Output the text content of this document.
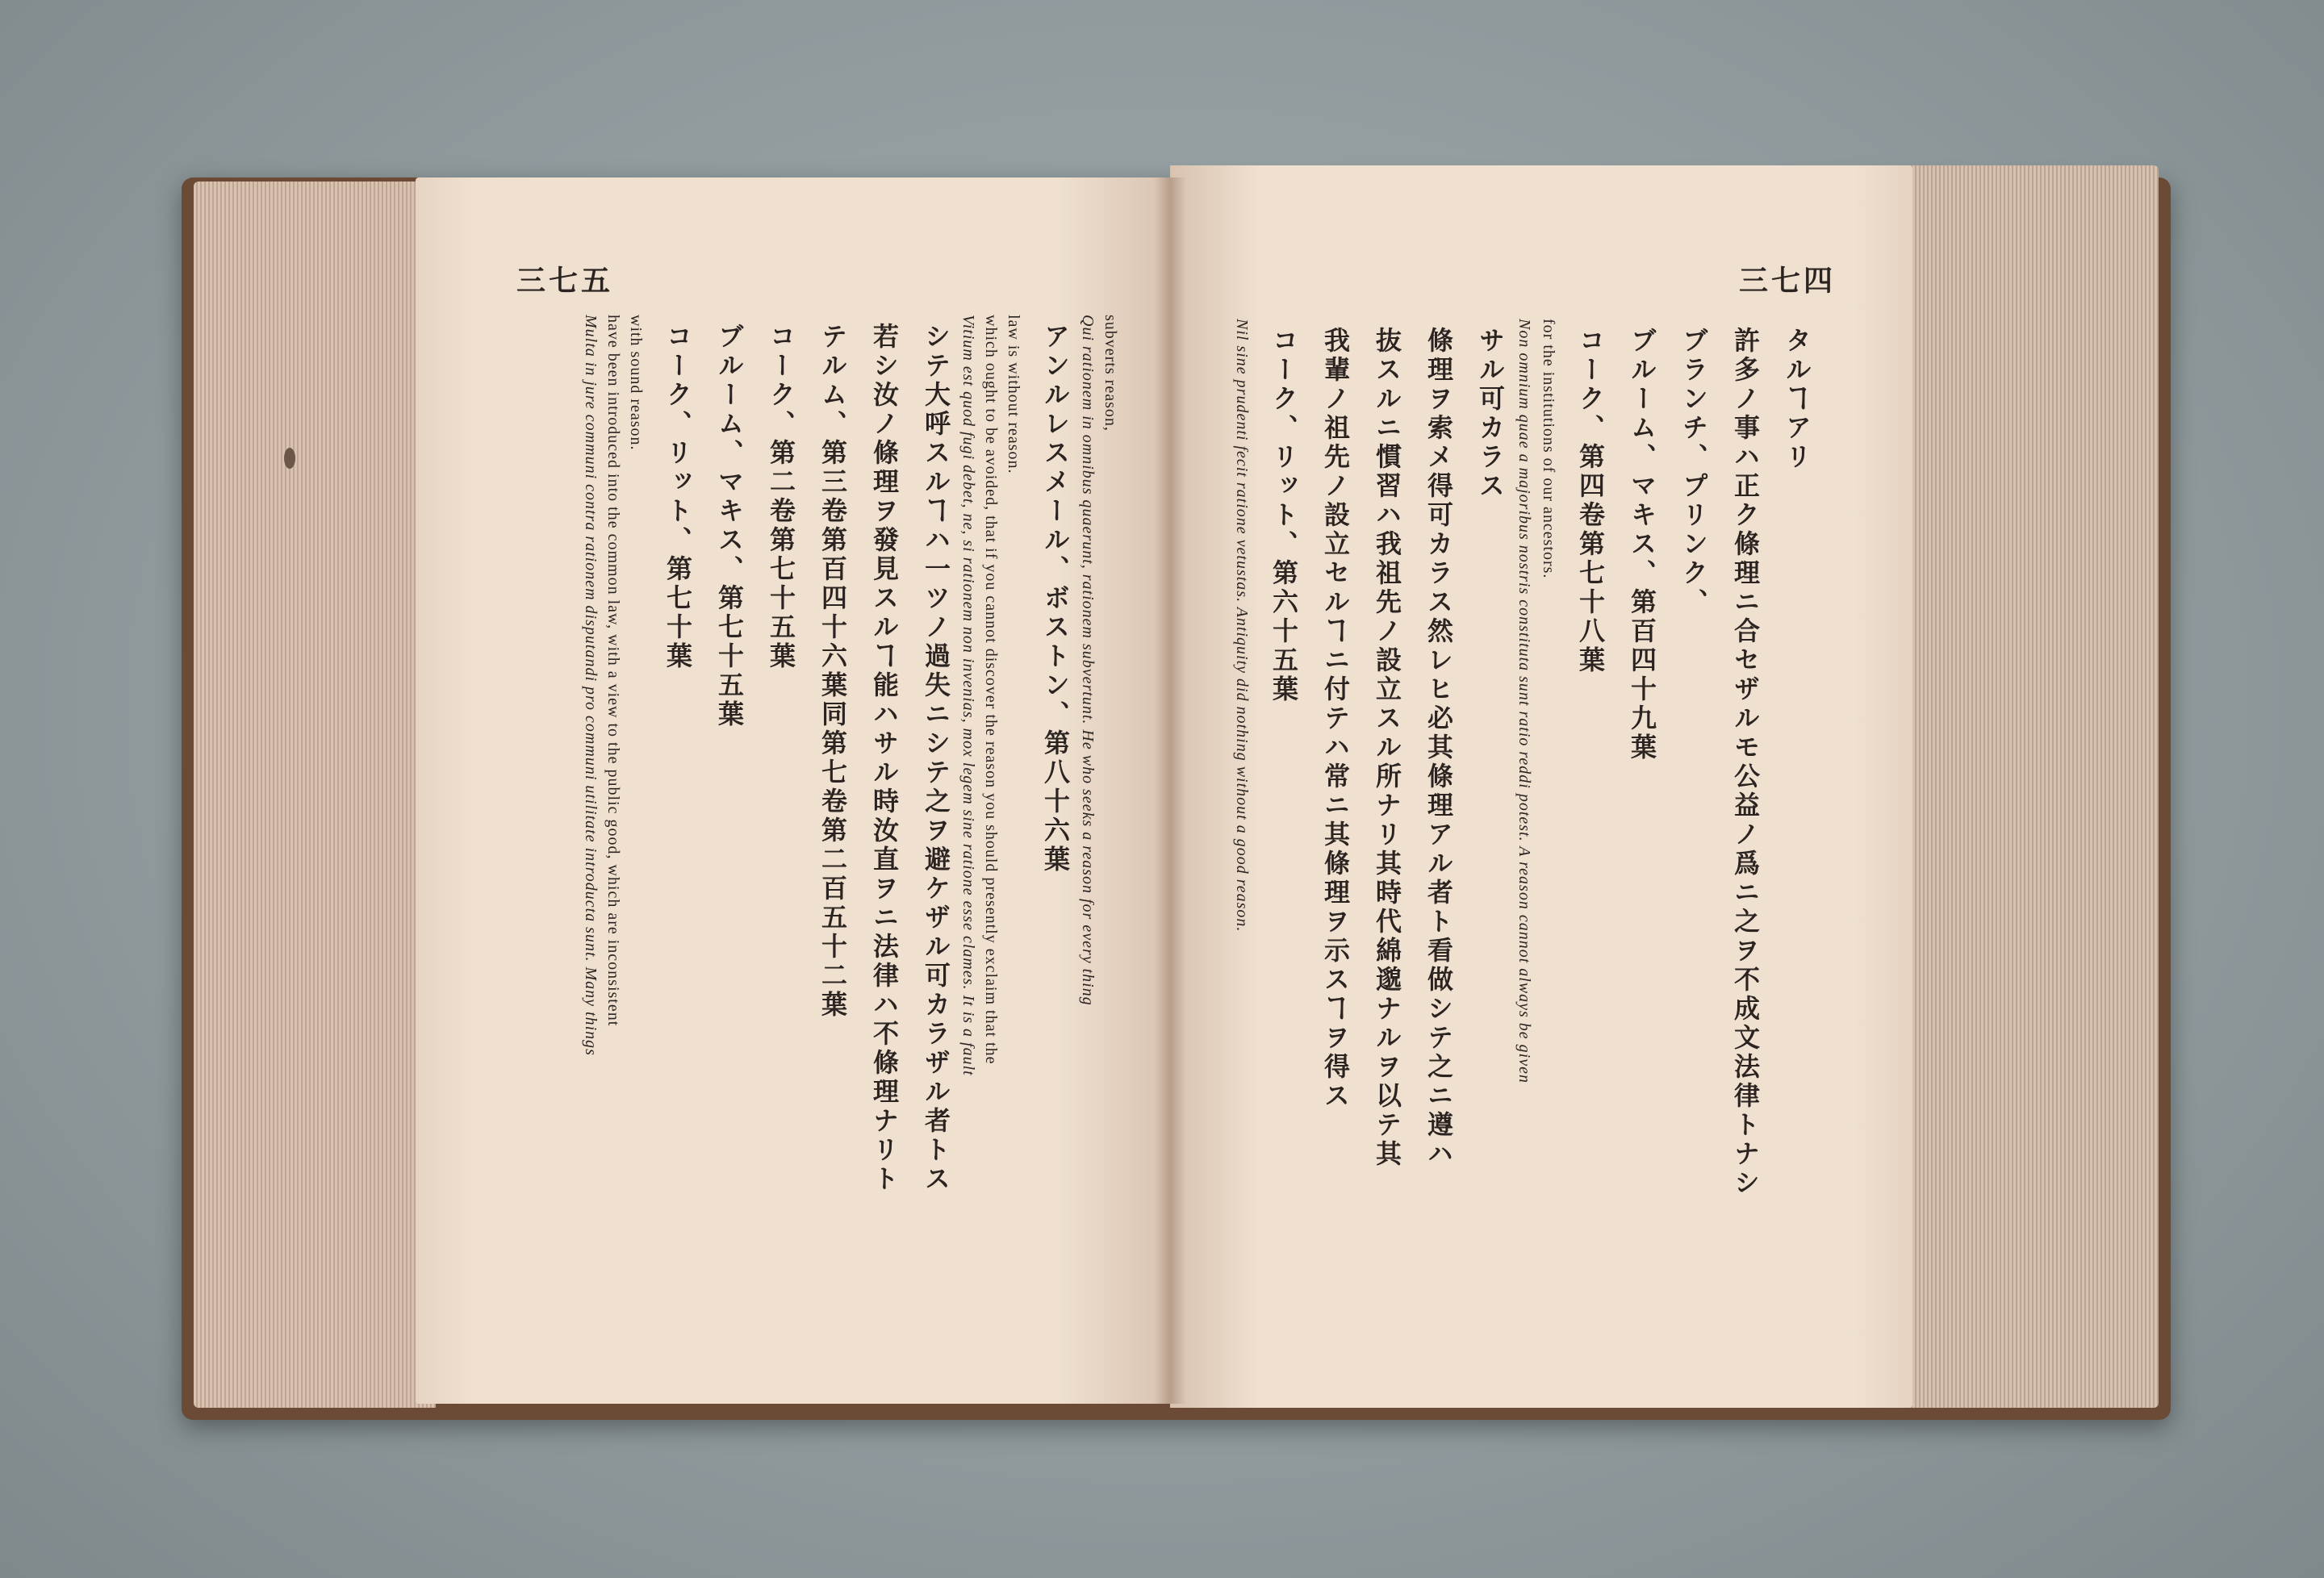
三七五
Multa in jure communi contra rationem disputandi pro communi utilitate introducta sunt. Many things have been introduced into the common law, with a view to the public good, which are inconsistent with sound reason. コーク、リット、第七十葉 ブルーム、マキス、第七十五葉 コーク、第二卷第七十五葉 テルム、第三卷第百四十六葉同第七卷第二百五十二葉 若シ汝ノ條理ヲ發見スルヿ能ハサル時汝直ヲニ法律ハ不條理ナリト シテ大呼スルヿハ一ツノ過失ニシテ之ヲ避ケザル可カラザル者トス Vitium est quod fugi debet, ne, si rationem non invenias, mox legem sine ratione esse clames. It is a fault which ought to be avoided, that if you cannot discover the reason you should presently exclaim that the law is without reason. アンルレスメール、ボストン、第八十六葉 Qui rationem in omnibus quaerunt, rationem subvertunt. He who seeks a reason for every thing subverts reason,
三七四
Nil sine prudenti fecit ratione vetustas. Antiquity did nothing without a good reason. コーク、リット、第六十五葉 我輩ノ祖先ノ設立セルヿニ付テハ常ニ其條理ヲ示スヿヲ得ス 抜スルニ慣習ハ我祖先ノ設立スル所ナリ其時代綿邈ナルヲ以テ其 條理ヲ索メ得可カラス然レヒ必其條理アル者ト看做シテ之ニ遵ハ サル可カラス Non omnium quae a majoribus nostris constituta sunt ratio reddi potest. A reason cannot always be given for the institutions of our ancestors. コーク、第四卷第七十八葉 ブルーム、マキス、第百四十九葉 ブランチ、プリンク、 許多ノ事ハ正ク條理ニ合セザルモ公益ノ爲ニ之ヲ不成文法律トナシ タルヿアリ
